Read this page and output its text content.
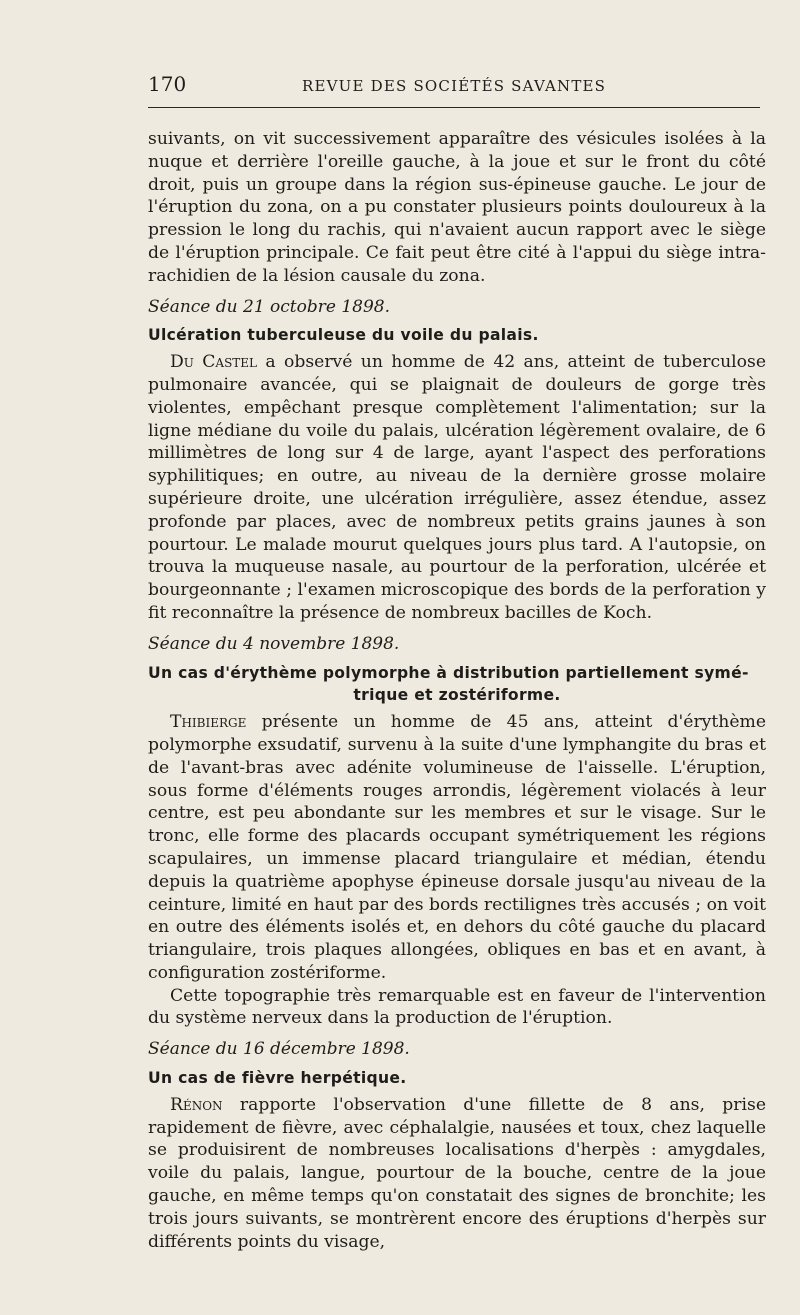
170	REVUE DES SOCIÉTÉS SAVANTES

suivants, on vit successivement apparaître des vésicules isolées à la nuque et derrière l'oreille gauche, à la joue et sur le front du côté droit, puis un groupe dans la région sus-épineuse gauche. Le jour de l'éruption du zona, on a pu constater plusieurs points douloureux à la pression le long du rachis, qui n'avaient aucun rapport avec le siège de l'éruption principale. Ce fait peut être cité à l'appui du siège intra-rachidien de la lésion causale du zona.

Séance du 21 octobre 1898.

Ulcération tuberculeuse du voile du palais.

Du Castel a observé un homme de 42 ans, atteint de tuberculose pulmonaire avancée, qui se plaignait de douleurs de gorge très violentes, empêchant presque complètement l'alimentation; sur la ligne médiane du voile du palais, ulcération légèrement ovalaire, de 6 millimètres de long sur 4 de large, ayant l'aspect des perforations syphilitiques; en outre, au niveau de la dernière grosse molaire supérieure droite, une ulcération irrégulière, assez étendue, assez profonde par places, avec de nombreux petits grains jaunes à son pourtour. Le malade mourut quelques jours plus tard. A l'autopsie, on trouva la muqueuse nasale, au pourtour de la perforation, ulcérée et bourgeonnante ; l'examen microscopique des bords de la perforation y fit reconnaître la présence de nombreux bacilles de Koch.

Séance du 4 novembre 1898.

Un cas d'érythème polymorphe à distribution partiellement symé-
trique et zostériforme.

Thibierge présente un homme de 45 ans, atteint d'érythème polymorphe exsudatif, survenu à la suite d'une lymphangite du bras et de l'avant-bras avec adénite volumineuse de l'aisselle. L'éruption, sous forme d'éléments rouges arrondis, légèrement violacés à leur centre, est peu abondante sur les membres et sur le visage. Sur le tronc, elle forme des placards occupant symétriquement les régions scapulaires, un immense placard triangulaire et médian, étendu depuis la quatrième apophyse épineuse dorsale jusqu'au niveau de la ceinture, limité en haut par des bords rectilignes très accusés ; on voit en outre des éléments isolés et, en dehors du côté gauche du placard triangulaire, trois plaques allongées, obliques en bas et en avant, à configuration zostériforme.

Cette topographie très remarquable est en faveur de l'intervention du système nerveux dans la production de l'éruption.

Séance du 16 décembre 1898.

Un cas de fièvre herpétique.

Rénon rapporte l'observation d'une fillette de 8 ans, prise rapidement de fièvre, avec céphalalgie, nausées et toux, chez laquelle se produisirent de nombreuses localisations d'herpès : amygdales, voile du palais, langue, pourtour de la bouche, centre de la joue gauche, en même temps qu'on constatait des signes de bronchite; les trois jours suivants, se montrèrent encore des éruptions d'herpès sur différents points du visage,
